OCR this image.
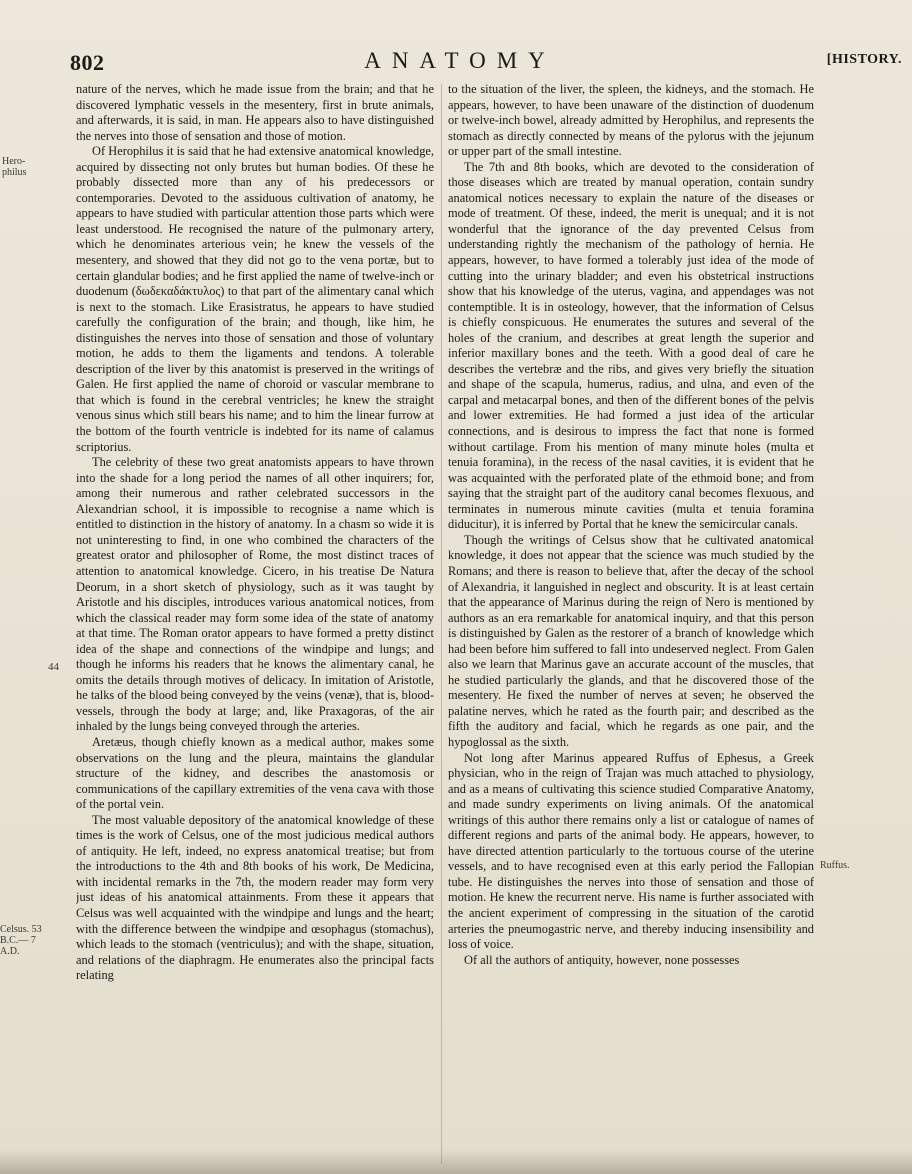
802	ANATOMY	[HISTORY.
Hero-philus
44
Celsus. 53 B.C.— 7 A.D.
Ruffus.

nature of the nerves, which he made issue from the brain; and that he discovered lymphatic vessels in the mesentery, first in brute animals, and afterwards, it is said, in man. He appears also to have distinguished the nerves into those of sensation and those of motion.

Of Herophilus it is said that he had extensive anatomical knowledge, acquired by dissecting not only brutes but human bodies. Of these he probably dissected more than any of his predecessors or contemporaries. Devoted to the assiduous cultivation of anatomy, he appears to have studied with particular attention those parts which were least understood. He recognised the nature of the pulmonary artery, which he denominates arterious vein; he knew the vessels of the mesentery, and showed that they did not go to the vena portæ, but to certain glandular bodies; and he first applied the name of twelve-inch or duodenum (δωδεκαδάκτυλος) to that part of the alimentary canal which is next to the stomach. Like Erasistratus, he appears to have studied carefully the configuration of the brain; and though, like him, he distinguishes the nerves into those of sensation and those of voluntary motion, he adds to them the ligaments and tendons. A tolerable description of the liver by this anatomist is preserved in the writings of Galen. He first applied the name of choroid or vascular membrane to that which is found in the cerebral ventricles; he knew the straight venous sinus which still bears his name; and to him the linear furrow at the bottom of the fourth ventricle is indebted for its name of calamus scriptorius.

The celebrity of these two great anatomists appears to have thrown into the shade for a long period the names of all other inquirers; for, among their numerous and rather celebrated successors in the Alexandrian school, it is impossible to recognise a name which is entitled to distinction in the history of anatomy. In a chasm so wide it is not uninteresting to find, in one who combined the characters of the greatest orator and philosopher of Rome, the most distinct traces of attention to anatomical knowledge. Cicero, in his treatise De Natura Deorum, in a short sketch of physiology, such as it was taught by Aristotle and his disciples, introduces various anatomical notices, from which the classical reader may form some idea of the state of anatomy at that time. The Roman orator appears to have formed a pretty distinct idea of the shape and connections of the windpipe and lungs; and though he informs his readers that he knows the alimentary canal, he omits the details through motives of delicacy. In imitation of Aristotle, he talks of the blood being conveyed by the veins (venæ), that is, blood-vessels, through the body at large; and, like Praxagoras, of the air inhaled by the lungs being conveyed through the arteries.

Aretæus, though chiefly known as a medical author, makes some observations on the lung and the pleura, maintains the glandular structure of the kidney, and describes the anastomosis or communications of the capillary extremities of the vena cava with those of the portal vein.

The most valuable depository of the anatomical knowledge of these times is the work of Celsus, one of the most judicious medical authors of antiquity. He left, indeed, no express anatomical treatise; but from the introductions to the 4th and 8th books of his work, De Medicina, with incidental remarks in the 7th, the modern reader may form very just ideas of his anatomical attainments. From these it appears that Celsus was well acquainted with the windpipe and lungs and the heart; with the difference between the windpipe and œsophagus (stomachus), which leads to the stomach (ventriculus); and with the shape, situation, and relations of the diaphragm. He enumerates also the principal facts relating

to the situation of the liver, the spleen, the kidneys, and the stomach. He appears, however, to have been unaware of the distinction of duodenum or twelve-inch bowel, already admitted by Herophilus, and represents the stomach as directly connected by means of the pylorus with the jejunum or upper part of the small intestine.

The 7th and 8th books, which are devoted to the consideration of those diseases which are treated by manual operation, contain sundry anatomical notices necessary to explain the nature of the diseases or mode of treatment. Of these, indeed, the merit is unequal; and it is not wonderful that the ignorance of the day prevented Celsus from understanding rightly the mechanism of the pathology of hernia. He appears, however, to have formed a tolerably just idea of the mode of cutting into the urinary bladder; and even his obstetrical instructions show that his knowledge of the uterus, vagina, and appendages was not contemptible. It is in osteology, however, that the information of Celsus is chiefly conspicuous. He enumerates the sutures and several of the holes of the cranium, and describes at great length the superior and inferior maxillary bones and the teeth. With a good deal of care he describes the vertebræ and the ribs, and gives very briefly the situation and shape of the scapula, humerus, radius, and ulna, and even of the carpal and metacarpal bones, and then of the different bones of the pelvis and lower extremities. He had formed a just idea of the articular connections, and is desirous to impress the fact that none is formed without cartilage. From his mention of many minute holes (multa et tenuia foramina), in the recess of the nasal cavities, it is evident that he was acquainted with the perforated plate of the ethmoid bone; and from saying that the straight part of the auditory canal becomes flexuous, and terminates in numerous minute cavities (multa et tenuia foramina diducitur), it is inferred by Portal that he knew the semicircular canals.

Though the writings of Celsus show that he cultivated anatomical knowledge, it does not appear that the science was much studied by the Romans; and there is reason to believe that, after the decay of the school of Alexandria, it languished in neglect and obscurity. It is at least certain that the appearance of Marinus during the reign of Nero is mentioned by authors as an era remarkable for anatomical inquiry, and that this person is distinguished by Galen as the restorer of a branch of knowledge which had been before him suffered to fall into undeserved neglect. From Galen also we learn that Marinus gave an accurate account of the muscles, that he studied particularly the glands, and that he discovered those of the mesentery. He fixed the number of nerves at seven; he observed the palatine nerves, which he rated as the fourth pair; and described as the fifth the auditory and facial, which he regards as one pair, and the hypoglossal as the sixth.

Not long after Marinus appeared Ruffus of Ephesus, a Greek physician, who in the reign of Trajan was much attached to physiology, and as a means of cultivating this science studied Comparative Anatomy, and made sundry experiments on living animals. Of the anatomical writings of this author there remains only a list or catalogue of names of different regions and parts of the animal body. He appears, however, to have directed attention particularly to the tortuous course of the uterine vessels, and to have recognised even at this early period the Fallopian tube. He distinguishes the nerves into those of sensation and those of motion. He knew the recurrent nerve. His name is further associated with the ancient experiment of compressing in the situation of the carotid arteries the pneumogastric nerve, and thereby inducing insensibility and loss of voice.

Of all the authors of antiquity, however, none possesses
